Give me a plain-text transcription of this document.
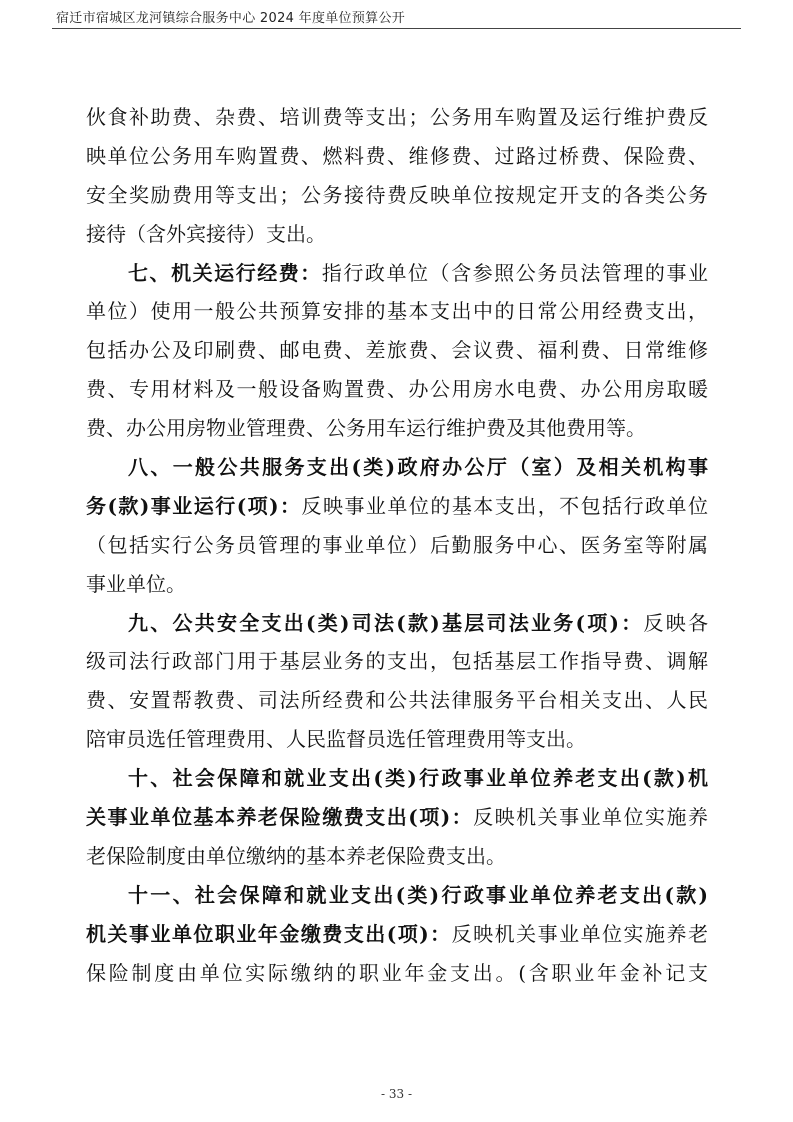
宿迁市宿城区龙河镇综合服务中心 2024 年度单位预算公开
伙食补助费、杂费、培训费等支出；公务用车购置及运行维护费反
映单位公务用车购置费、燃料费、维修费、过路过桥费、保险费、
安全奖励费用等支出；公务接待费反映单位按规定开支的各类公务
接待（含外宾接待）支出。
七、机关运行经费：指行政单位（含参照公务员法管理的事业
单位）使用一般公共预算安排的基本支出中的日常公用经费支出，
包括办公及印刷费、邮电费、差旅费、会议费、福利费、日常维修
费、专用材料及一般设备购置费、办公用房水电费、办公用房取暖
费、办公用房物业管理费、公务用车运行维护费及其他费用等。
八、一般公共服务支出(类)政府办公厅（室）及相关机构事
务(款)事业运行(项)：反映事业单位的基本支出，不包括行政单位
（包括实行公务员管理的事业单位）后勤服务中心、医务室等附属
事业单位。
九、公共安全支出(类)司法(款)基层司法业务(项)：反映各
级司法行政部门用于基层业务的支出，包括基层工作指导费、调解
费、安置帮教费、司法所经费和公共法律服务平台相关支出、人民
陪审员选任管理费用、人民监督员选任管理费用等支出。
十、社会保障和就业支出(类)行政事业单位养老支出(款)机
关事业单位基本养老保险缴费支出(项)：反映机关事业单位实施养
老保险制度由单位缴纳的基本养老保险费支出。
十一、社会保障和就业支出(类)行政事业单位养老支出(款)
机关事业单位职业年金缴费支出(项)：反映机关事业单位实施养老
保险制度由单位实际缴纳的职业年金支出。(含职业年金补记支
- 33 -
